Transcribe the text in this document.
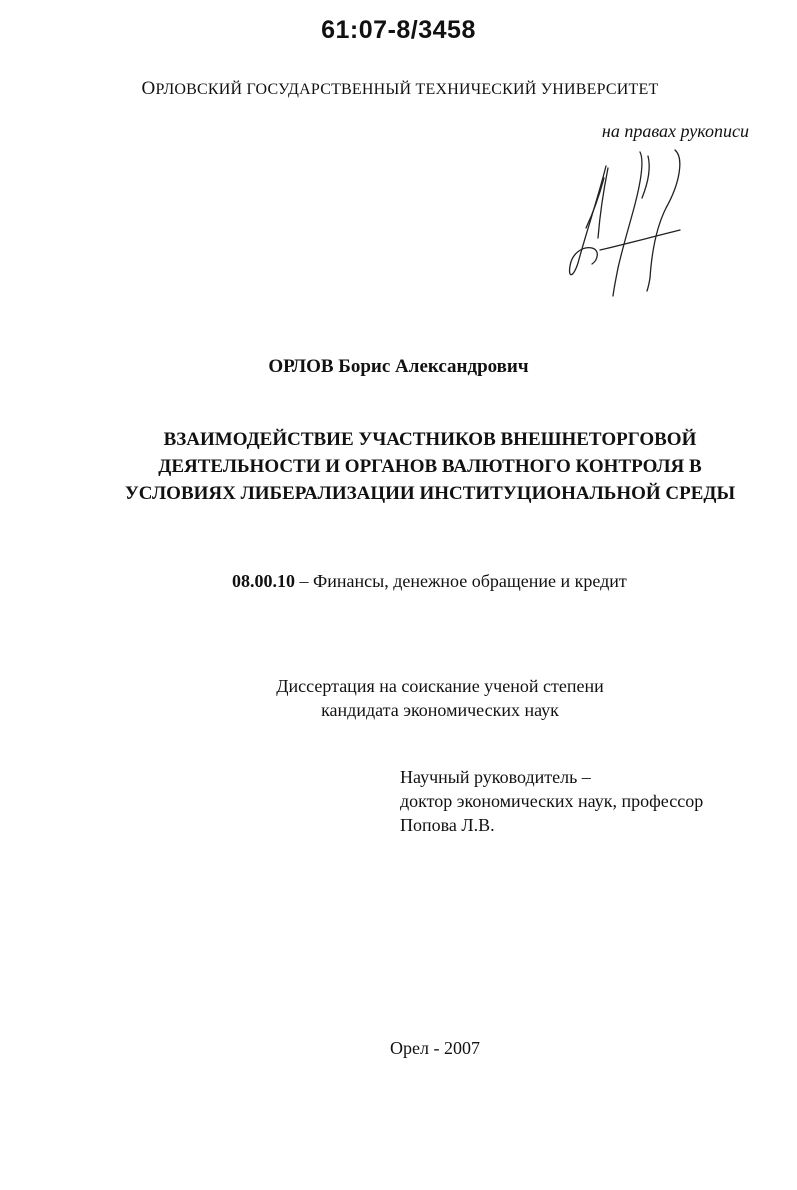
61:07-8/3458
ОРЛОВСКИЙ ГОСУДАРСТВЕННЫЙ ТЕХНИЧЕСКИЙ УНИВЕРСИТЕТ
на правах рукописи
ОРЛОВ Борис Александрович
ВЗАИМОДЕЙСТВИЕ УЧАСТНИКОВ ВНЕШНЕТОРГОВОЙ
ДЕЯТЕЛЬНОСТИ И ОРГАНОВ ВАЛЮТНОГО КОНТРОЛЯ В
УСЛОВИЯХ ЛИБЕРАЛИЗАЦИИ ИНСТИТУЦИОНАЛЬНОЙ СРЕДЫ
08.00.10 – Финансы, денежное обращение и кредит
Диссертация на соискание ученой степени
кандидата экономических наук
Научный руководитель –
доктор экономических наук, профессор
Попова Л.В.
Орел - 2007
